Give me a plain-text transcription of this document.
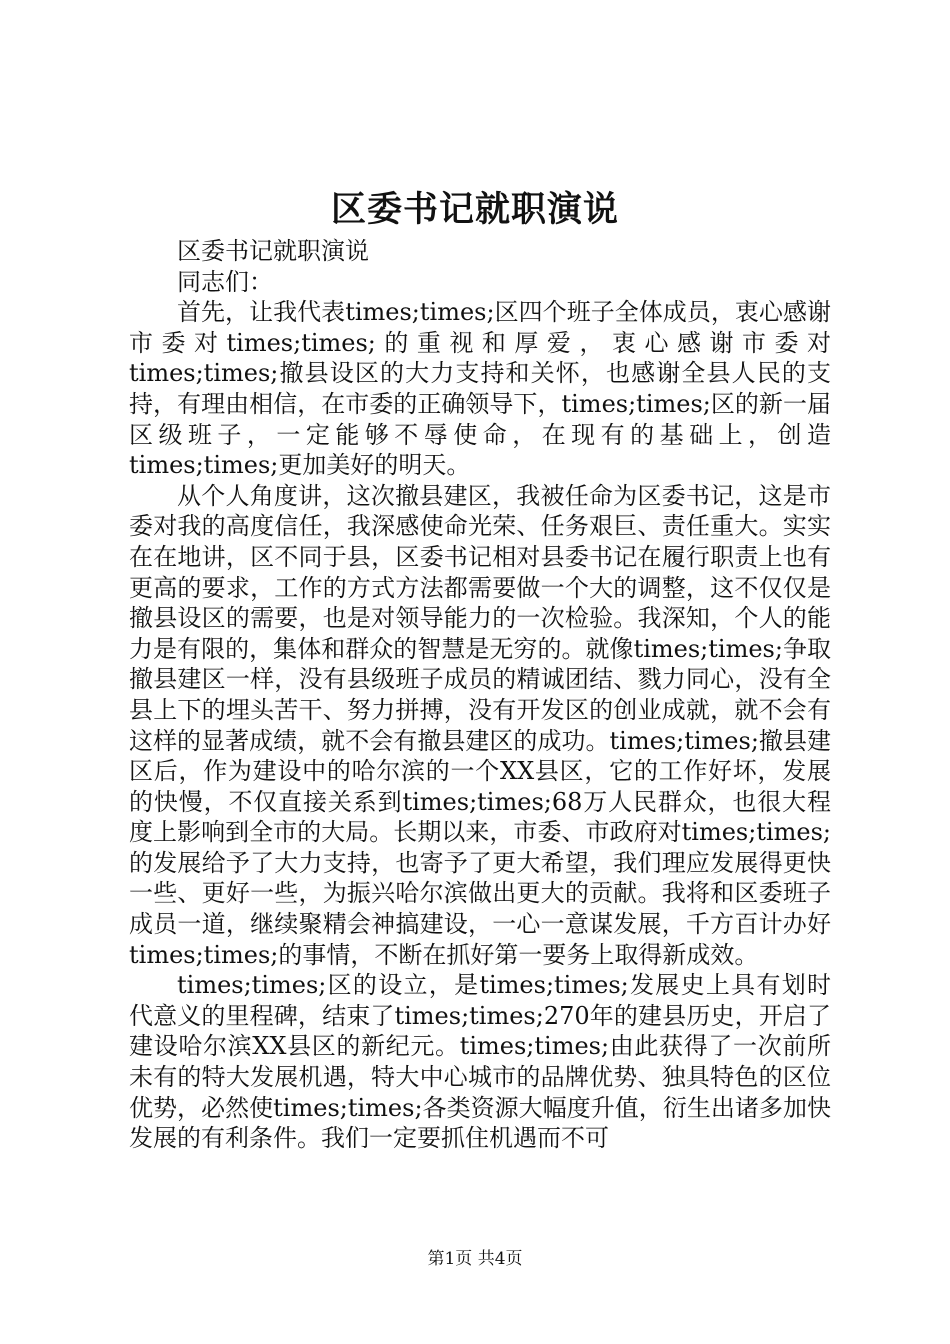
区委书记就职演说

区委书记就职演说

同志们：

首先，让我代表times;times;区四个班子全体成员，衷心感谢市委对times;times;的重视和厚爱，衷心感谢市委对times;times;撤县设区的大力支持和关怀，也感谢全县人民的支持，有理由相信，在市委的正确领导下，times;times;区的新一届区级班子，一定能够不辱使命，在现有的基础上，创造times;times;更加美好的明天。

从个人角度讲，这次撤县建区，我被任命为区委书记，这是市委对我的高度信任，我深感使命光荣、任务艰巨、责任重大。实实在在地讲，区不同于县，区委书记相对县委书记在履行职责上也有更高的要求，工作的方式方法都需要做一个大的调整，这不仅仅是撤县设区的需要，也是对领导能力的一次检验。我深知，个人的能力是有限的，集体和群众的智慧是无穷的。就像times;times;争取撤县建区一样，没有县级班子成员的精诚团结、戮力同心，没有全县上下的埋头苦干、努力拼搏，没有开发区的创业成就，就不会有这样的显著成绩，就不会有撤县建区的成功。times;times;撤县建区后，作为建设中的哈尔滨的一个XX县区，它的工作好坏，发展的快慢，不仅直接关系到times;times;68万人民群众，也很大程度上影响到全市的大局。长期以来，市委、市政府对times;times;的发展给予了大力支持，也寄予了更大希望，我们理应发展得更快一些、更好一些，为振兴哈尔滨做出更大的贡献。我将和区委班子成员一道，继续聚精会神搞建设，一心一意谋发展，千方百计办好times;times;的事情，不断在抓好第一要务上取得新成效。

times;times;区的设立，是times;times;发展史上具有划时代意义的里程碑，结束了times;times;270年的建县历史，开启了建设哈尔滨XX县区的新纪元。times;times;由此获得了一次前所未有的特大发展机遇，特大中心城市的品牌优势、独具特色的区位优势，必然使times;times;各类资源大幅度升值，衍生出诸多加快发展的有利条件。我们一定要抓住机遇而不可

第1页 共4页
